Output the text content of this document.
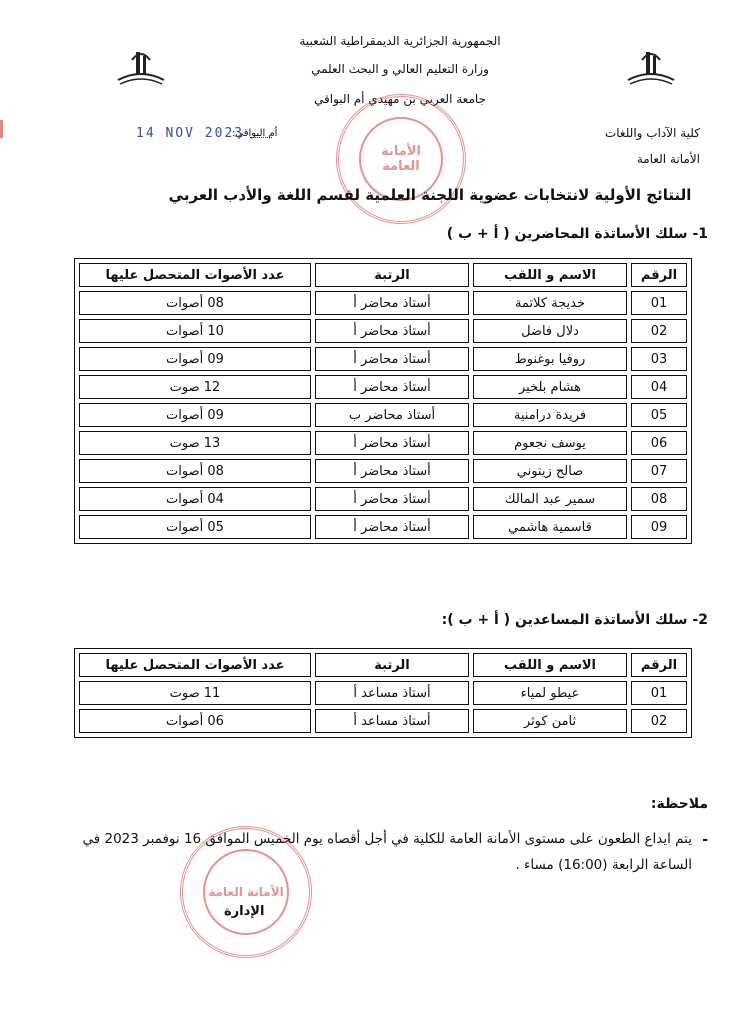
الجمهورية الجزائرية الديمقراطية الشعبية
وزارة التعليم العالي و البحث العلمي
جامعة العربي بن مهيدي أم البواقي
كلية الآداب واللغات
الأمانة العامة
أم البواقي:
14 NOV 2023
الأمانة العامة
النتائج الأولية لانتخابات عضوية اللجنة العلمية لقسم اللغة والأدب العربي
1- سلك الأساتذة المحاضرين ( أ + ب )
الرقم	الاسم و اللقب	الرتبة	عدد الأصوات المتحصل عليها
01	خديجة كلاتمة	أستاذ محاضر أ	08 أصوات
02	دلال فاضل	أستاذ محاضر أ	10 أصوات
03	روفيا بوغنوط	أستاذ محاضر أ	09 أصوات
04	هشام بلخير	أستاذ محاضر أ	12 صوت
05	فريدة درامنية	أستاذ محاضر ب	09 أصوات
06	يوسف نجعوم	أستاذ محاضر أ	13 صوت
07	صالح زيتوني	أستاذ محاضر أ	08 أصوات
08	سمير عبد المالك	أستاذ محاضر أ	04 أصوات
09	قاسمية هاشمي	أستاذ محاضر أ	05 أصوات
2- سلك الأساتذة المساعدين ( أ + ب ):
الرقم	الاسم و اللقب	الرتبة	عدد الأصوات المتحصل عليها
01	عيطو لمياء	أستاذ مساعد أ	11 صوت
02	ثامن كوثر	أستاذ مساعد أ	06 أصوات
ملاحظة:
-
يتم ايداع الطعون على مستوى الأمانة العامة للكلية في أجل أقصاه يوم الخميس الموافق 16 نوفمبر 2023 في الساعة الرابعة (16:00) مساء .
الأمانة العامة
الإدارة
